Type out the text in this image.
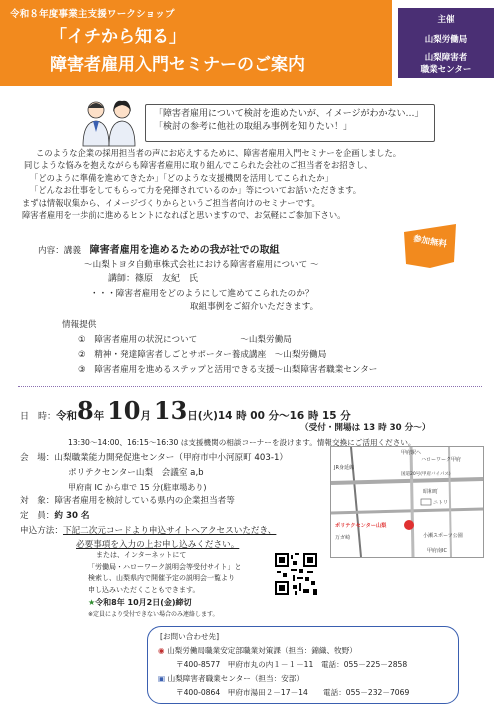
令和８年度事業主支援ワークショップ
「イチから知る」
障害者雇用入門セミナーのご案内
主催
山梨労働局
山梨障害者
職業センター
「障害者雇用について検討を進めたいが、イメージがわかない…」
「検討の参考に他社の取組み事例を知りたい！」
このような企業の採用担当者の声にお応えするために、障害者雇用入門セミナーを企画しました。
同じような悩みを抱えながらも障害者雇用に取り組んでこられた会社のご担当者をお招きし、
「どのように準備を進めてきたか」「どのような支援機関を活用してこられたか」
「どんなお仕事をしてもらって力を発揮されているのか」等についてお話いただきます。
まずは情報収集から、イメージづくりからというご担当者向けのセミナーです。
障害者雇用を一歩前に進めるヒントになればと思いますので、お気軽にご参加下さい。
参加無料
内容：講義　 障害者雇用を進めるための我が社での取組
～山梨トヨタ自動車株式会社における障害者雇用について ～
講師：篠原　友紀　氏
・・・障害者雇用をどのようにして進めてこられたのか？
取組事例をご紹介いただきます。
情報提供
①　障害者雇用の状況について　　　　　～山梨労働局
②　精神・発達障害者しごとサポーター養成講座　～山梨労働局
③　障害者雇用を進めるステップと活用できる支援～山梨障害者職業センター
日　時：令和8年 10月 13日(火)14 時 00 分～16 時 15 分
（受付・開場は 13 時 30 分～）
13:30～14:00、16:15～16:30 は支援機関の相談コーナーを設けます。情報交換にご活用ください。
会　場：山梨職業能力開発促進センター（甲府市中小河原町 403-1）
ポリテクセンター山梨　会議室 a,b
甲府南 IC から車で 15 分(駐車場あり)
対　象：障害者雇用を検討している県内の企業担当者等
定　員：約 30 名
申込方法：下記二次元コードより申込サイトへアクセスいただき、
必要事項を入力の上お申し込みください。
甲府駅へ
ハローワーク甲府
JR身延線
国道20号(甲府バイパス)
ニトリ
昭和町
ポリテクセンター山梨
万ガ崎	小瀬スポーツ公園
甲府南IC
または、インターネットにて
「労働局・ハローワーク説明会等受付サイト」と
検索し、山梨県内で開催予定の説明会一覧より
申し込みいただくこともできます。
★令和8年 10月2日(金)締切
※定員により受付できない場合のみ連絡します。
[お問い合わせ先]
◉ 山梨労働局職業安定部職業対策課（担当：錦織、牧野）
〒400-8577　甲府市丸の内１－１－11　電話：055－225－2858
▣ 山梨障害者職業センター（担当：安部）
〒400-0864　甲府市湯田２－17－14　　電話：055－232－7069
